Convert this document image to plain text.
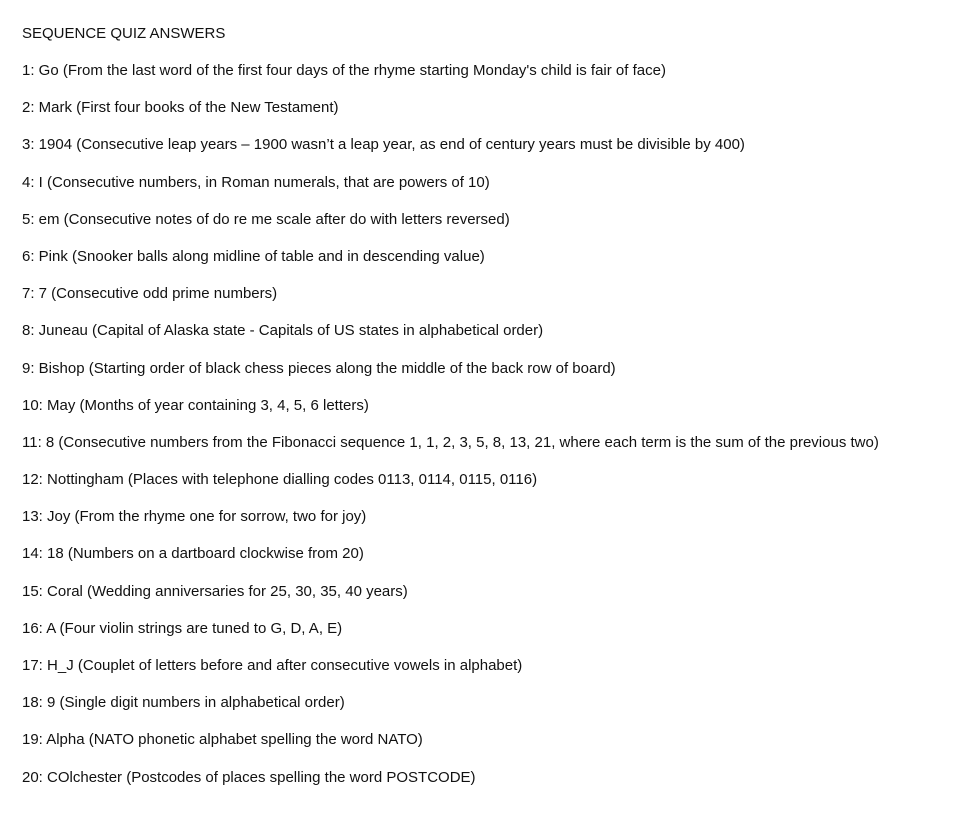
SEQUENCE QUIZ ANSWERS
1: Go (From the last word of the first four days of the rhyme starting Monday's child is fair of face)
2: Mark (First four books of the New Testament)
3: 1904 (Consecutive leap years – 1900 wasn’t a leap year, as end of century years must be divisible by 400)
4: I (Consecutive numbers, in Roman numerals, that are powers of 10)
5: em (Consecutive notes of do re me scale after do with letters reversed)
6: Pink (Snooker balls along midline of table and in descending value)
7: 7 (Consecutive odd prime numbers)
8: Juneau (Capital of Alaska state - Capitals of US states in alphabetical order)
9: Bishop (Starting order of black chess pieces along the middle of the back row of board)
10: May (Months of year containing 3, 4, 5, 6 letters)
11: 8 (Consecutive numbers from the Fibonacci sequence 1, 1, 2, 3, 5, 8, 13, 21, where each term is the sum of the previous two)
12: Nottingham (Places with telephone dialling codes 0113, 0114, 0115, 0116)
13: Joy (From the rhyme one for sorrow, two for joy)
14: 18 (Numbers on a dartboard clockwise from 20)
15: Coral (Wedding anniversaries for 25, 30, 35, 40 years)
16: A (Four violin strings are tuned to G, D, A, E)
17: H_J (Couplet of letters before and after consecutive vowels in alphabet)
18: 9 (Single digit numbers in alphabetical order)
19: Alpha (NATO phonetic alphabet spelling the word NATO)
20: COlchester (Postcodes of places spelling the word POSTCODE)
